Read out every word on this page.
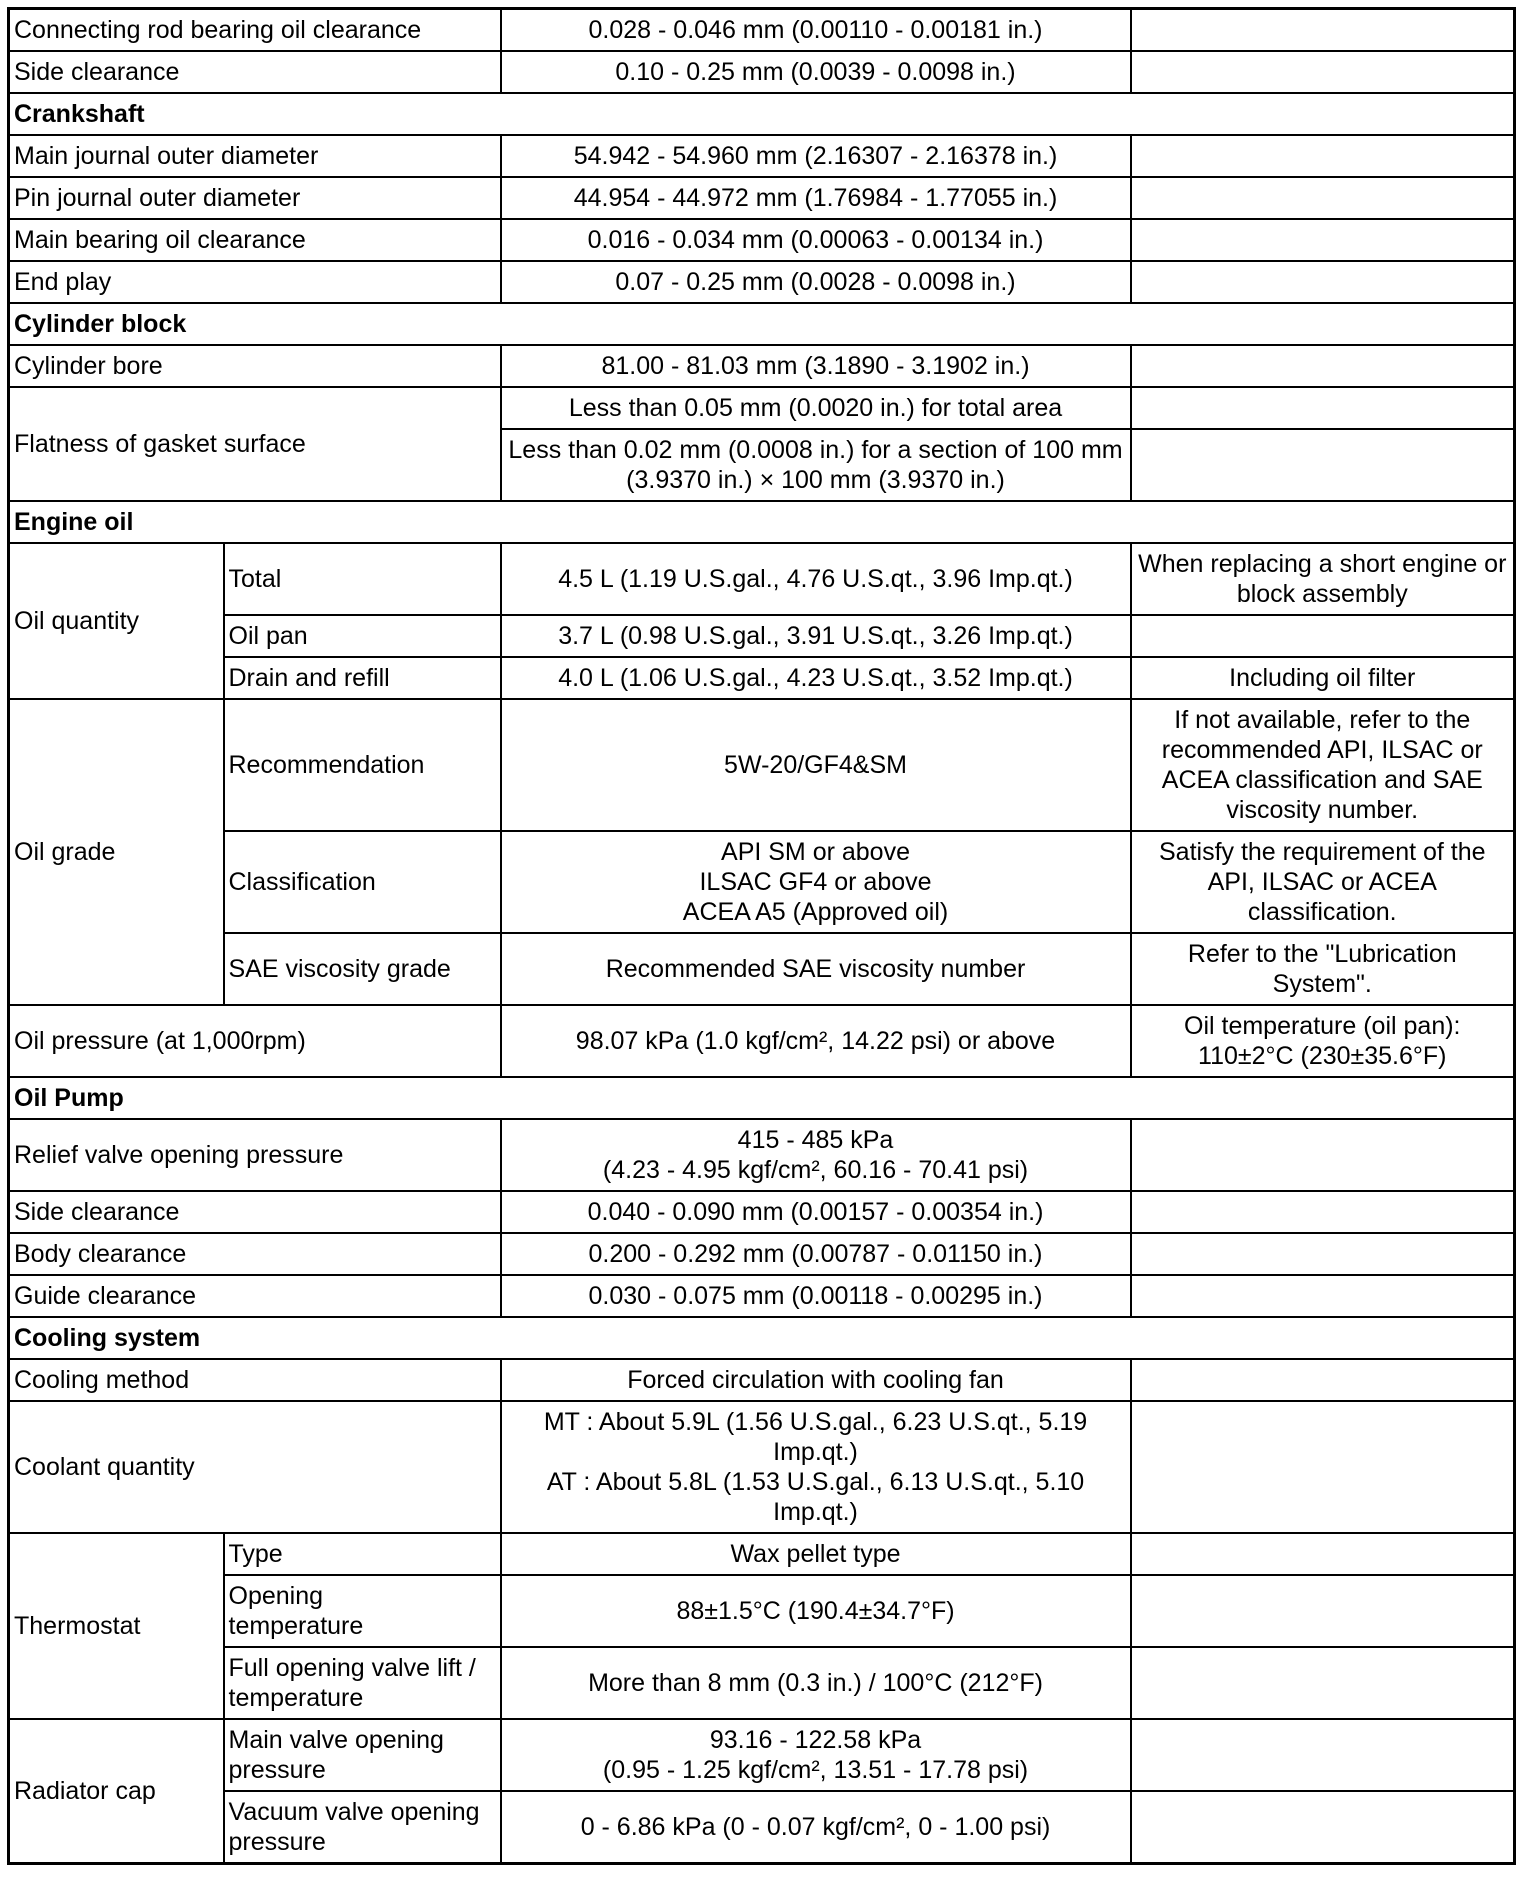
Connecting rod bearing oil clearance		0.028 - 0.046 mm (0.00110 - 0.00181 in.)	
Side clearance		0.10 - 0.25 mm (0.0039 - 0.0098 in.)	
Crankshaft			
Main journal outer diameter		54.942 - 54.960 mm (2.16307 - 2.16378 in.)	
Pin journal outer diameter		44.954 - 44.972 mm (1.76984 - 1.77055 in.)	
Main bearing oil clearance		0.016 - 0.034 mm (0.00063 - 0.00134 in.)	
End play		0.07 - 0.25 mm (0.0028 - 0.0098 in.)	
Cylinder block			
Cylinder bore		81.00 - 81.03 mm (3.1890 - 3.1902 in.)	
Flatness of gasket surface		Less than 0.05 mm (0.0020 in.) for total area	
		Less than 0.02 mm (0.0008 in.) for a section of 100 mm
(3.9370 in.) × 100 mm (3.9370 in.)	
Engine oil			
Oil quantity	Total	4.5 L (1.19 U.S.gal., 4.76 U.S.qt., 3.96 Imp.qt.)	When replacing a short engine or
block assembly
	Oil pan	3.7 L (0.98 U.S.gal., 3.91 U.S.qt., 3.26 Imp.qt.)	
	Drain and refill	4.0 L (1.06 U.S.gal., 4.23 U.S.qt., 3.52 Imp.qt.)	Including oil filter
Oil grade	Recommendation	5W-20/GF4&SM	If not available, refer to the
recommended API, ILSAC or
ACEA classification and SAE
viscosity number.
	Classification	API SM or above
ILSAC GF4 or above
ACEA A5 (Approved oil)	Satisfy the requirement of the
API, ILSAC or ACEA
classification.
	SAE viscosity grade	Recommended SAE viscosity number	Refer to the "Lubrication
System".
Oil pressure (at 1,000rpm)		98.07 kPa (1.0 kgf/cm², 14.22 psi) or above	Oil temperature (oil pan):
110±2°C (230±35.6°F)
Oil Pump			
Relief valve opening pressure		415 - 485 kPa
(4.23 - 4.95 kgf/cm², 60.16 - 70.41 psi)	
Side clearance		0.040 - 0.090 mm (0.00157 - 0.00354 in.)	
Body clearance		0.200 - 0.292 mm (0.00787 - 0.01150 in.)	
Guide clearance		0.030 - 0.075 mm (0.00118 - 0.00295 in.)	
Cooling system			
Cooling method		Forced circulation with cooling fan	
Coolant quantity		MT : About 5.9L (1.56 U.S.gal., 6.23 U.S.qt., 5.19
Imp.qt.)
AT : About 5.8L (1.53 U.S.gal., 6.13 U.S.qt., 5.10
Imp.qt.)	
Thermostat	Type	Wax pellet type	
	Opening
temperature	88±1.5°C (190.4±34.7°F)	
	Full opening valve lift /
temperature	More than 8 mm (0.3 in.) / 100°C (212°F)	
Radiator cap	Main valve opening
pressure	93.16 - 122.58 kPa
(0.95 - 1.25 kgf/cm², 13.51 - 17.78 psi)	
	Vacuum valve opening
pressure	0 - 6.86 kPa (0 - 0.07 kgf/cm², 0 - 1.00 psi)	
